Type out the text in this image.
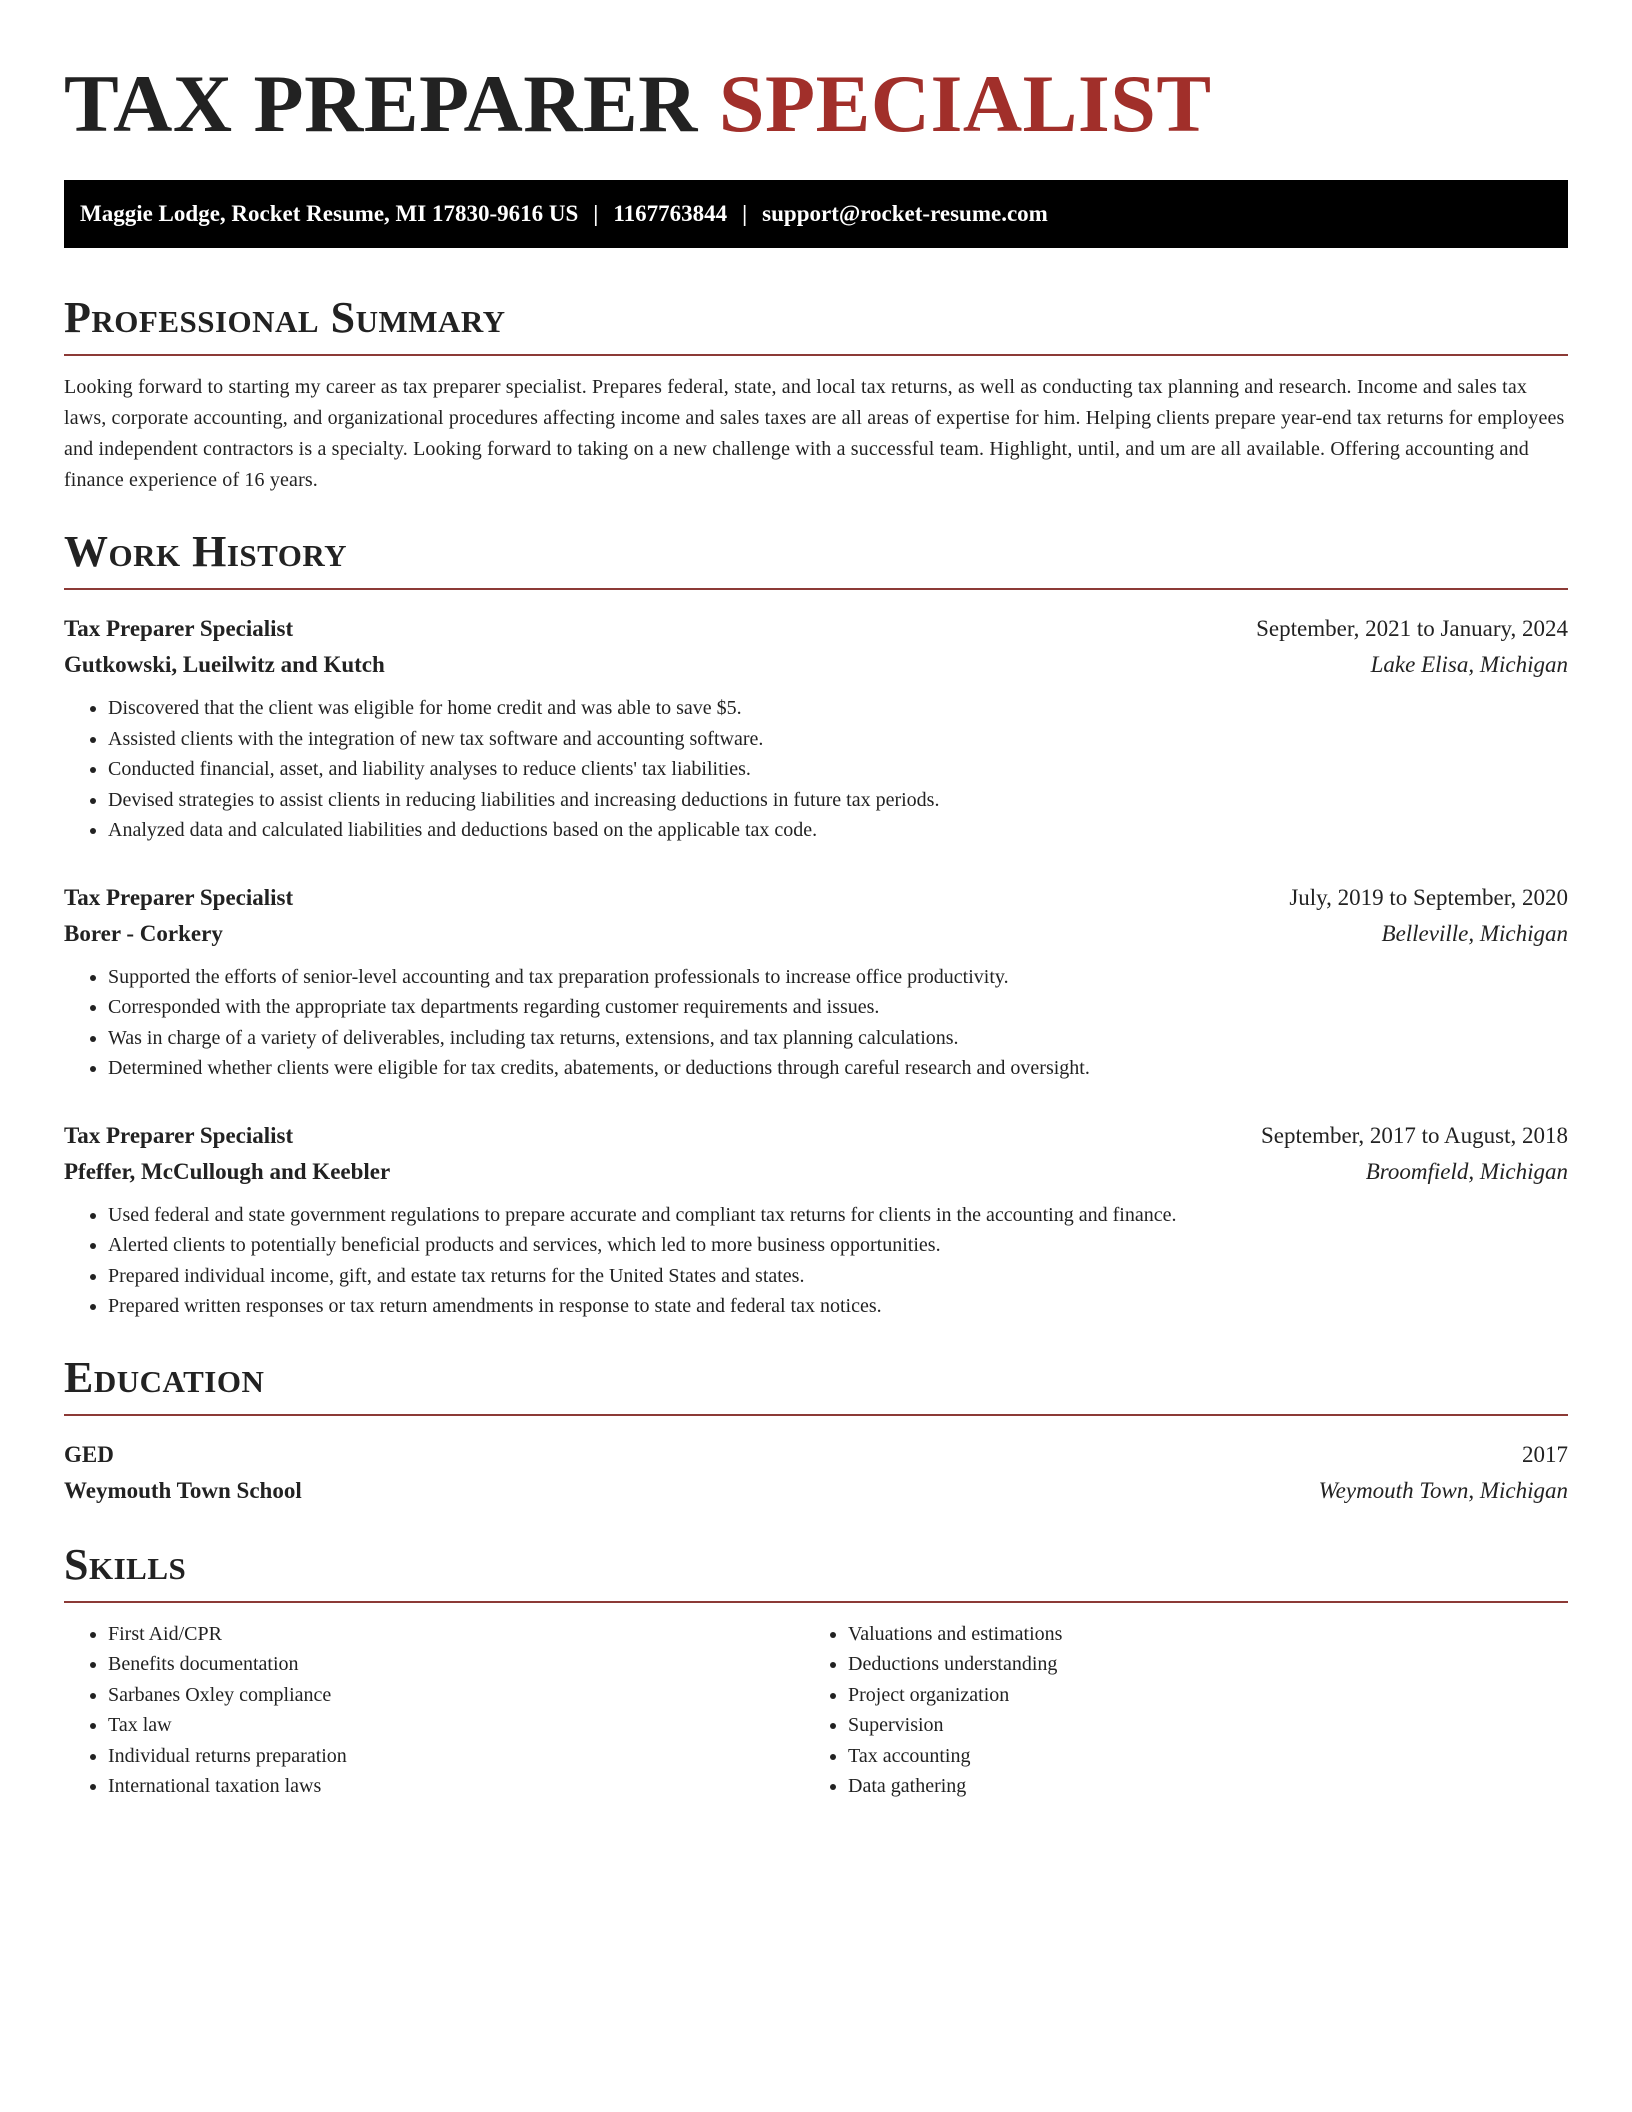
TAX PREPARER SPECIALIST
Maggie Lodge, Rocket Resume, MI 17830-9616 US | 1167763844 | support@rocket-resume.com
Professional Summary

Looking forward to starting my career as tax preparer specialist. Prepares federal, state, and local tax returns, as well as conducting tax planning and research. Income and sales tax laws, corporate accounting, and organizational procedures affecting income and sales taxes are all areas of expertise for him. Helping clients prepare year-end tax returns for employees and independent contractors is a specialty. Looking forward to taking on a new challenge with a successful team. Highlight, until, and um are all available. Offering accounting and finance experience of 16 years.

Work History
Tax Preparer Specialist	September, 2021 to January, 2024
Gutkowski, Lueilwitz and Kutch	Lake Elisa, Michigan
• Discovered that the client was eligible for home credit and was able to save $5.
• Assisted clients with the integration of new tax software and accounting software.
• Conducted financial, asset, and liability analyses to reduce clients' tax liabilities.
• Devised strategies to assist clients in reducing liabilities and increasing deductions in future tax periods.
• Analyzed data and calculated liabilities and deductions based on the applicable tax code.
Tax Preparer Specialist	July, 2019 to September, 2020
Borer - Corkery	Belleville, Michigan
• Supported the efforts of senior-level accounting and tax preparation professionals to increase office productivity.
• Corresponded with the appropriate tax departments regarding customer requirements and issues.
• Was in charge of a variety of deliverables, including tax returns, extensions, and tax planning calculations.
• Determined whether clients were eligible for tax credits, abatements, or deductions through careful research and oversight.
Tax Preparer Specialist	September, 2017 to August, 2018
Pfeffer, McCullough and Keebler	Broomfield, Michigan
• Used federal and state government regulations to prepare accurate and compliant tax returns for clients in the accounting and finance.
• Alerted clients to potentially beneficial products and services, which led to more business opportunities.
• Prepared individual income, gift, and estate tax returns for the United States and states.
• Prepared written responses or tax return amendments in response to state and federal tax notices.
Education
GED	2017
Weymouth Town School	Weymouth Town, Michigan
Skills
• First Aid/CPR
• Benefits documentation
• Sarbanes Oxley compliance
• Tax law
• Individual returns preparation
• International taxation laws
• Valuations and estimations
• Deductions understanding
• Project organization
• Supervision
• Tax accounting
• Data gathering
